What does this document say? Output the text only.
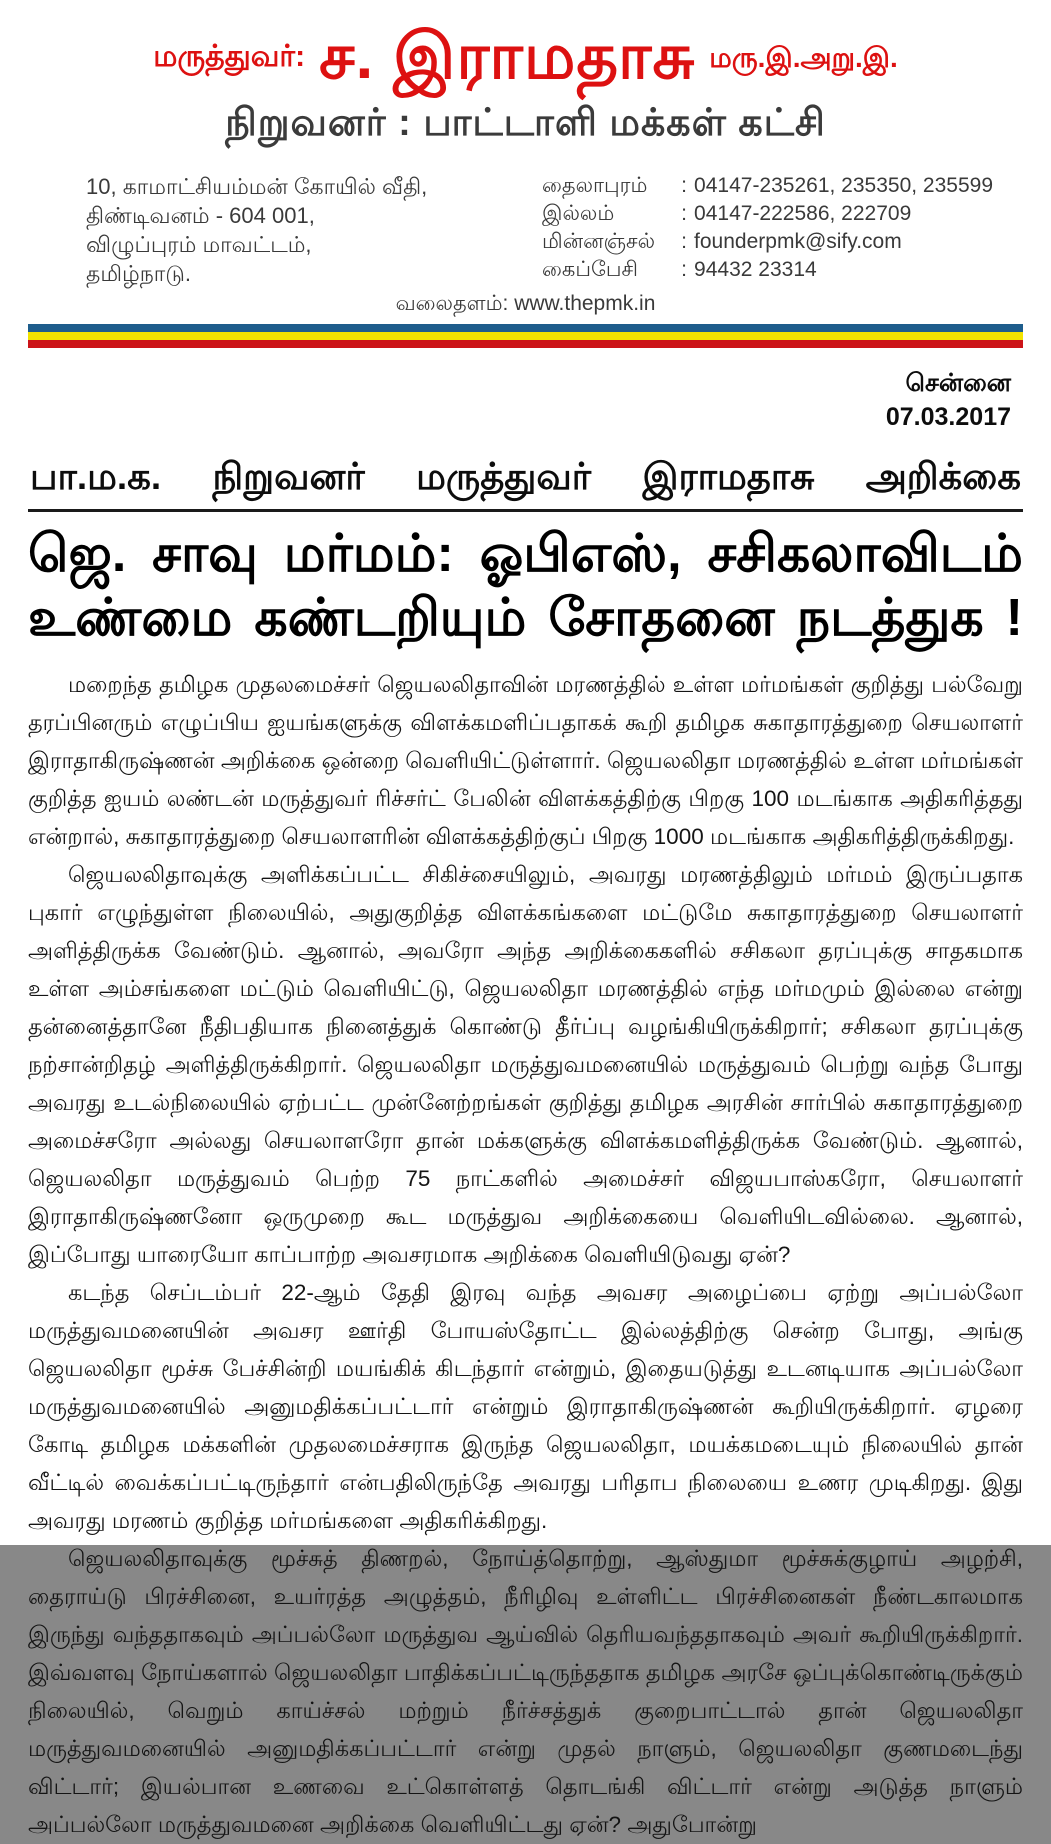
மருத்துவர்: ச. இராமதாசு மரு.இ.அறு.இ.
நிறுவனர் : பாட்டாளி மக்கள் கட்சி
10, காமாட்சியம்மன் கோயில் வீதி,
திண்டிவனம் - 604 001,
விழுப்புரம் மாவட்டம்,
தமிழ்நாடு.
தைலாபுரம்	: 04147-235261, 235350, 235599
இல்லம்	: 04147-222586, 222709
மின்னஞ்சல்	: founderpmk@sify.com
கைப்பேசி	: 94432 23314
வலைதளம்: www.thepmk.in
சென்னை
07.03.2017
பா.ம.க. நிறுவனர் மருத்துவர் இராமதாசு அறிக்கை
ஜெ. சாவு மர்மம்: ஓபிஎஸ், சசிகலாவிடம்
உண்மை கண்டறியும் சோதனை நடத்துக !

மறைந்த தமிழக முதலமைச்சர் ஜெயலலிதாவின் மரணத்தில் உள்ள மர்மங்கள் குறித்து பல்வேறு தரப்பினரும் எழுப்பிய ஐயங்களுக்கு விளக்கமளிப்பதாகக் கூறி தமிழக சுகாதாரத்துறை செயலாளர் இராதாகிருஷ்ணன் அறிக்கை ஒன்றை வெளியிட்டுள்ளார். ஜெயலலிதா மரணத்தில் உள்ள மர்மங்கள் குறித்த ஐயம் லண்டன் மருத்துவர் ரிச்சர்ட் பேலின் விளக்கத்திற்கு பிறகு 100 மடங்காக அதிகரித்தது என்றால், சுகாதாரத்துறை செயலாளரின் விளக்கத்திற்குப் பிறகு 1000 மடங்காக அதிகரித்திருக்கிறது.

ஜெயலலிதாவுக்கு அளிக்கப்பட்ட சிகிச்சையிலும், அவரது மரணத்திலும் மர்மம் இருப்பதாக புகார் எழுந்துள்ள நிலையில், அதுகுறித்த விளக்கங்களை மட்டுமே சுகாதாரத்துறை செயலாளர் அளித்திருக்க வேண்டும். ஆனால், அவரோ அந்த அறிக்கைகளில் சசிகலா தரப்புக்கு சாதகமாக உள்ள அம்சங்களை மட்டும் வெளியிட்டு, ஜெயலலிதா மரணத்தில் எந்த மர்மமும் இல்லை என்று தன்னைத்தானே நீதிபதியாக நினைத்துக் கொண்டு தீர்ப்பு வழங்கியிருக்கிறார்; சசிகலா தரப்புக்கு நற்சான்றிதழ் அளித்திருக்கிறார். ஜெயலலிதா மருத்துவமனையில் மருத்துவம் பெற்று வந்த போது அவரது உடல்நிலையில் ஏற்பட்ட முன்னேற்றங்கள் குறித்து தமிழக அரசின் சார்பில் சுகாதாரத்துறை அமைச்சரோ அல்லது செயலாளரோ தான் மக்களுக்கு விளக்கமளித்திருக்க வேண்டும். ஆனால், ஜெயலலிதா மருத்துவம் பெற்ற 75 நாட்களில் அமைச்சர் விஜயபாஸ்கரோ, செயலாளர் இராதாகிருஷ்ணனோ ஒருமுறை கூட மருத்துவ அறிக்கையை வெளியிடவில்லை. ஆனால், இப்போது யாரையோ காப்பாற்ற அவசரமாக அறிக்கை வெளியிடுவது ஏன்?

கடந்த செப்டம்பர் 22-ஆம் தேதி இரவு வந்த அவசர அழைப்பை ஏற்று அப்பல்லோ மருத்துவமனையின் அவசர ஊர்தி போயஸ்தோட்ட இல்லத்திற்கு சென்ற போது, அங்கு ஜெயலலிதா மூச்சு பேச்சின்றி மயங்கிக் கிடந்தார் என்றும், இதையடுத்து உடனடியாக அப்பல்லோ மருத்துவமனையில் அனுமதிக்கப்பட்டார் என்றும் இராதாகிருஷ்ணன் கூறியிருக்கிறார். ஏழரை கோடி தமிழக மக்களின் முதலமைச்சராக இருந்த ஜெயலலிதா, மயக்கமடையும் நிலையில் தான் வீட்டில் வைக்கப்பட்டிருந்தார் என்பதிலிருந்தே அவரது பரிதாப நிலையை உணர முடிகிறது. இது அவரது மரணம் குறித்த மர்மங்களை அதிகரிக்கிறது.

ஜெயலலிதாவுக்கு மூச்சுத் திணறல், நோய்த்தொற்று, ஆஸ்துமா மூச்சுக்குழாய் அழற்சி, தைராய்டு பிரச்சினை, உயர்ரத்த அழுத்தம், நீரிழிவு உள்ளிட்ட பிரச்சினைகள் நீண்டகாலமாக இருந்து வந்ததாகவும் அப்பல்லோ மருத்துவ ஆய்வில் தெரியவந்ததாகவும் அவர் கூறியிருக்கிறார். இவ்வளவு நோய்களால் ஜெயலலிதா பாதிக்கப்பட்டிருந்ததாக தமிழக அரசே ஒப்புக்கொண்டிருக்கும் நிலையில், வெறும் காய்ச்சல் மற்றும் நீர்ச்சத்துக் குறைபாட்டால் தான் ஜெயலலிதா மருத்துவமனையில் அனுமதிக்கப்பட்டார் என்று முதல் நாளும், ஜெயலலிதா குணமடைந்து விட்டார்; இயல்பான உணவை உட்கொள்ளத் தொடங்கி விட்டார் என்று அடுத்த நாளும் அப்பல்லோ மருத்துவமனை அறிக்கை வெளியிட்டது ஏன்? அதுபோன்று
